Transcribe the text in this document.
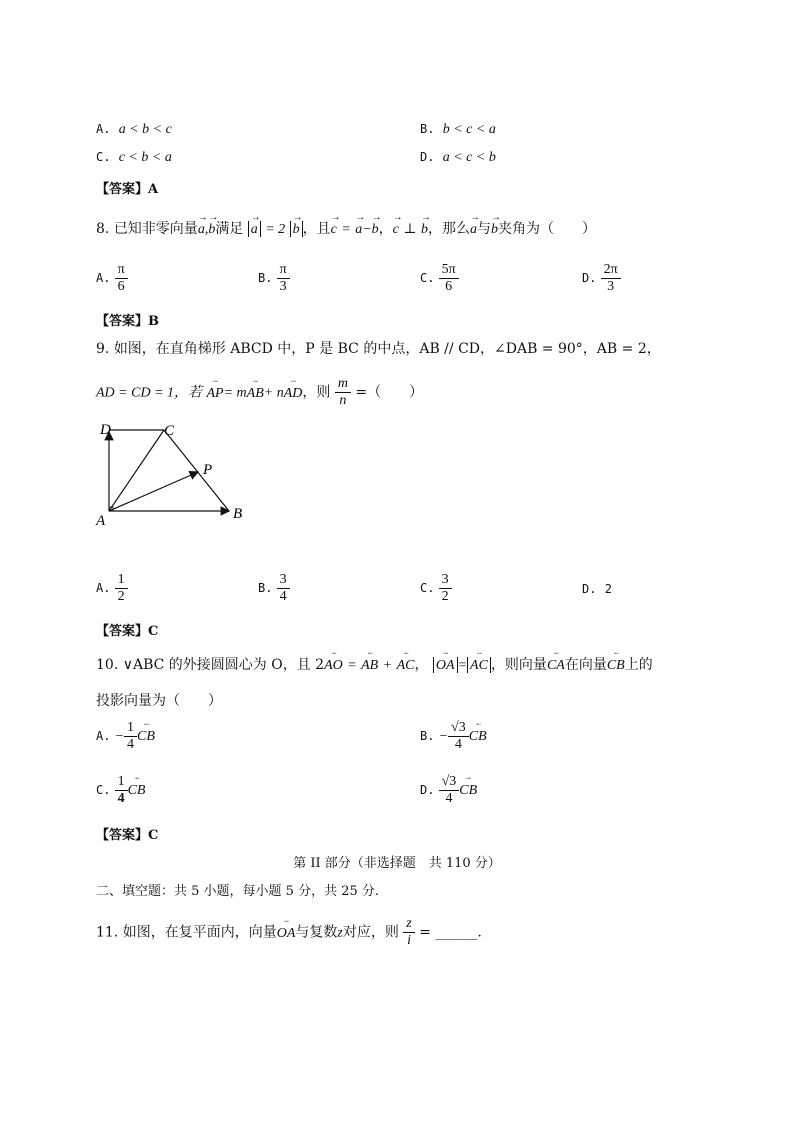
A. a < b < c	B. b < c < a
C. c < b < a	D. a < c < b
【答案】A
8. 已知非零向量→ a,→ b满足 → a = 2 → b ，且→ c = → a−→ b，→ c ⊥ → b，那么→ a与→ b夹角为（　　）
A. $\frac{\pi}{6}$	B. $\frac{\pi}{3}$	C. $\frac{5\pi}{6}$	D. $\frac{2\pi}{3}$
【答案】B
9. 如图，在直角梯形 ABCD 中，P 是 BC 的中点，AB // CD，∠DAB = 90°，AB = 2，
AD = CD = 1，若 ᵕᵕᵕ AP= mᵕᵕᵕ AB+ nᵕᵕᵕ AD，则 $\frac{m}{n}$ =（　　）
D	C
P
A	B
A. $\frac{1}{2}$	B. $\frac{3}{4}$	C. $\frac{3}{2}$	D. 2
【答案】C
10. ∨ABC 的外接圆圆心为 O，且 2ᵕᵕᵕ AO = ᵕᵕᵕ AB + ᵕᵕᵕ AC， ᵕᵕᵕ OA = ᵕᵕᵕ AC ，则向量ᵕᵕᵕ CA在向量ᵕᵕᵕ CB上的
投影向量为（　　）
A. − $\frac{1}{4}$ ᵕᵕᵕ CB	B. − $\frac{√3}{4}$ ᵕᵕᵕ CB
C. $\frac{1}{4}$ ᵕᵕᵕ CB	D. $\frac{√3}{4}$ ᵕᵕᵕ CB
【答案】C
第 II 部分（非选择题　共 110 分）
二、填空题：共 5 小题，每小题 5 分，共 25 分.
11. 如图，在复平面内，向量ᵕᵕᵕ OA与复数z对应，则 $\frac{z}{i}$ = ______.
